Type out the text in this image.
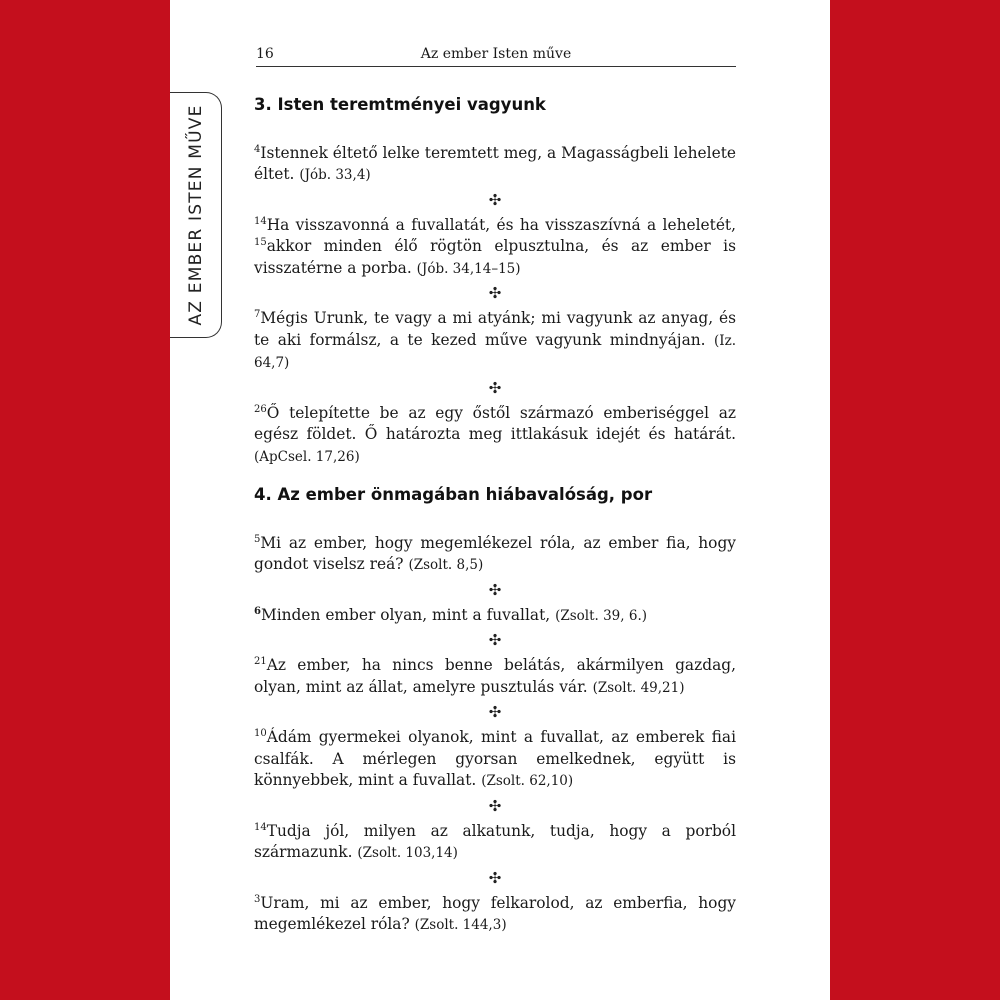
16	Az ember Isten műve
AZ EMBER ISTEN MŰVE	3. Isten teremtményei vagyunk

$^4$Istennek éltető lelke teremtett meg, a Magasságbeli lehelete éltet. (Jób. 33,4)

✣

$^{14}$Ha visszavonná a fuvallatát, és ha visszaszívná a leheletét, $^{15}$akkor minden élő rögtön elpusztulna, és az ember is visszatérne a porba. (Jób. 34,14–15)

✣

$^7$Mégis Urunk, te vagy a mi atyánk; mi vagyunk az anyag, és te aki formálsz, a te kezed műve vagyunk mindnyájan. (Iz. 64,7)

✣

$^{26}$Ő telepítette be az egy őstől származó emberiséggel az egész földet. Ő határozta meg ittlakásuk idejét és határát. (ApCsel. 17,26)

4. Az ember önmagában hiábavalóság, por

$^5$Mi az ember, hogy megemlékezel róla, az ember fia, hogy gondot viselsz reá? (Zsolt. 8,5)

✣

$^6$Minden ember olyan, mint a fuvallat, (Zsolt. 39, 6.)

✣

$^{21}$Az ember, ha nincs benne belátás, akármilyen gazdag, olyan, mint az állat, amelyre pusztulás vár. (Zsolt. 49,21)

✣

$^{10}$Ádám gyermekei olyanok, mint a fuvallat, az emberek fiai csalfák. A mérlegen gyorsan emelkednek, együtt is könnyebbek, mint a fuvallat. (Zsolt. 62,10)

✣

$^{14}$Tudja jól, milyen az alkatunk, tudja, hogy a porból származunk. (Zsolt. 103,14)

✣

$^3$Uram, mi az ember, hogy felkarolod, az emberfia, hogy megemlékezel róla? (Zsolt. 144,3)
